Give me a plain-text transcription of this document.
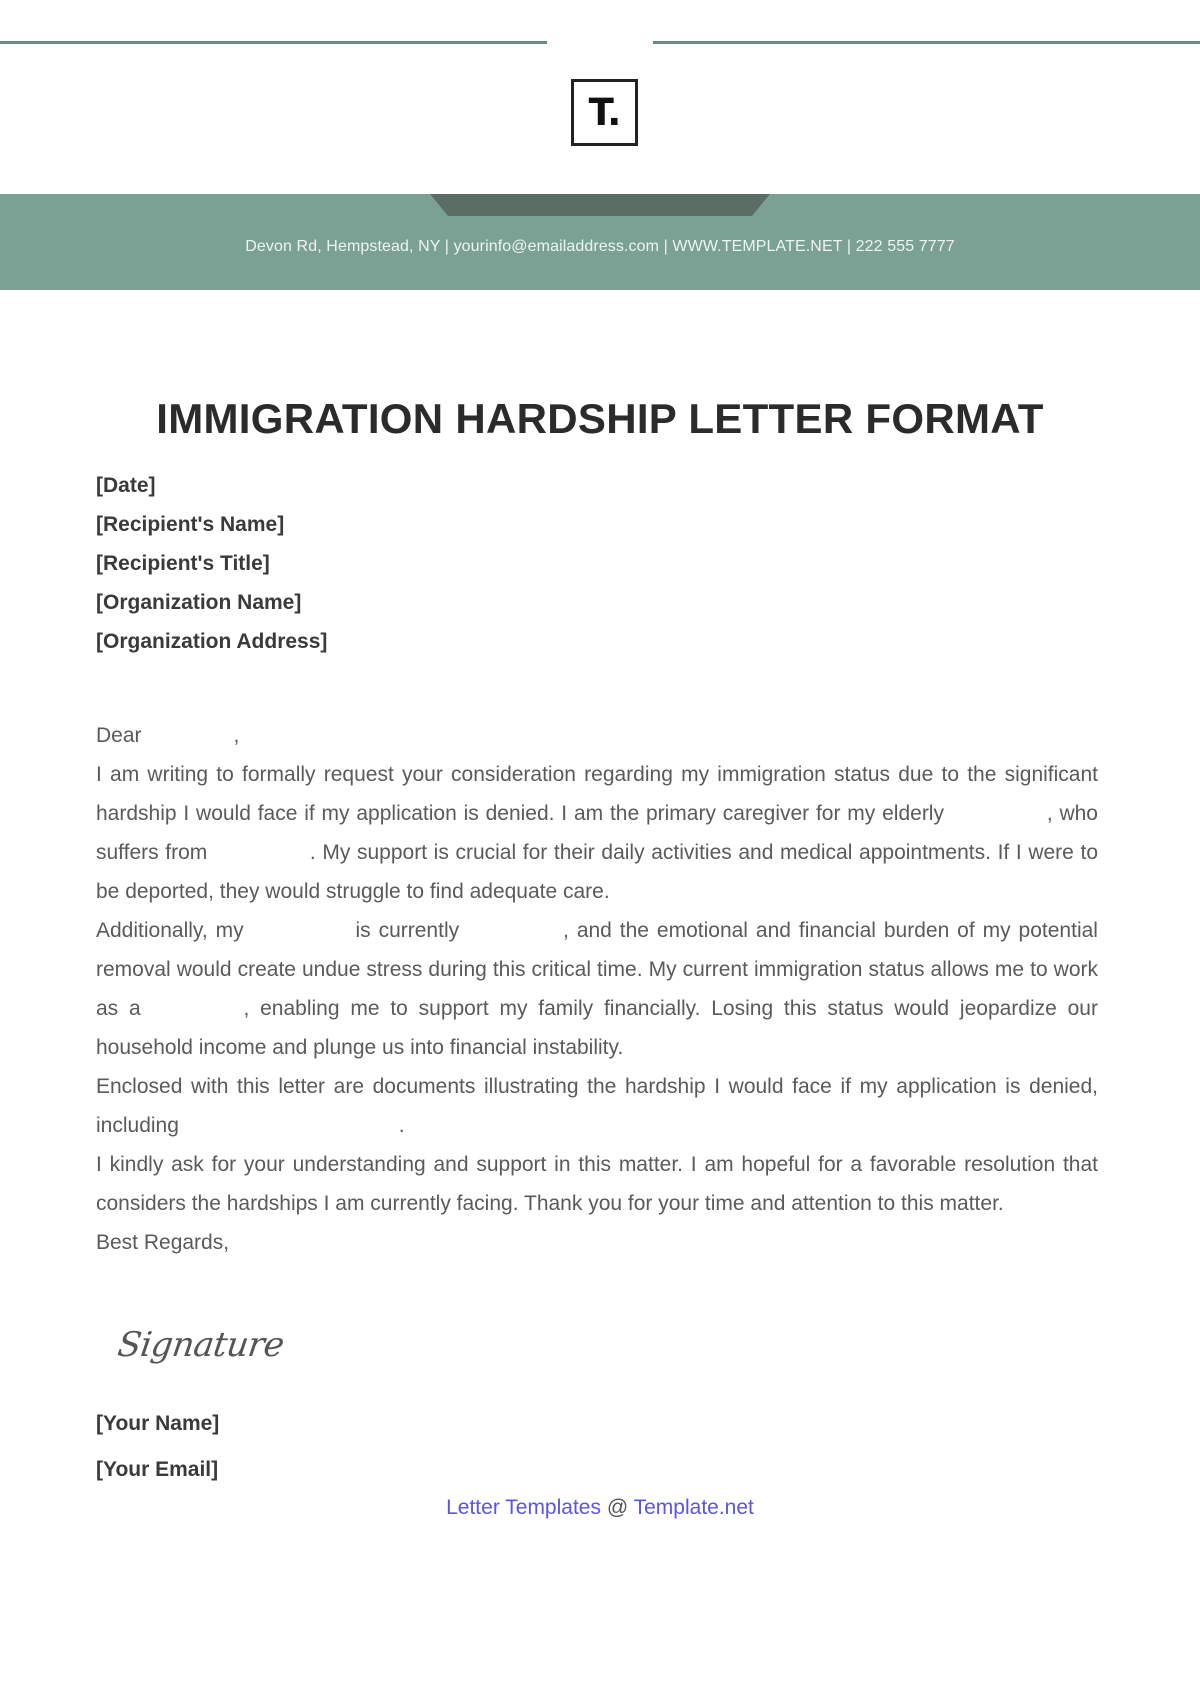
T.
Devon Rd, Hempstead, NY | yourinfo@emailaddress.com | WWW.TEMPLATE.NET | 222 555 7777
IMMIGRATION HARDSHIP LETTER FORMAT
[Date]
[Recipient's Name]
[Recipient's Title]
[Organization Name]
[Organization Address]

Dear	,

I am writing to formally request your consideration regarding my immigration status due to the significant hardship I would face if my application is denied. I am the primary caregiver for my elderly	, who suffers from	. My support is crucial for their daily activities and medical appointments. If I were to be deported, they would struggle to find adequate care.

Additionally, my	is currently	, and the emotional and financial burden of my potential removal would create undue stress during this critical time. My current immigration status allows me to work as a	, enabling me to support my family financially. Losing this status would jeopardize our household income and plunge us into financial instability.

Enclosed with this letter are documents illustrating the hardship I would face if my application is denied, including	.

I kindly ask for your understanding and support in this matter. I am hopeful for a favorable resolution that considers the hardships I am currently facing. Thank you for your time and attention to this matter.

Best Regards,

Signature
[Your Name]
[Your Email]
Letter Templates @ Template.net
